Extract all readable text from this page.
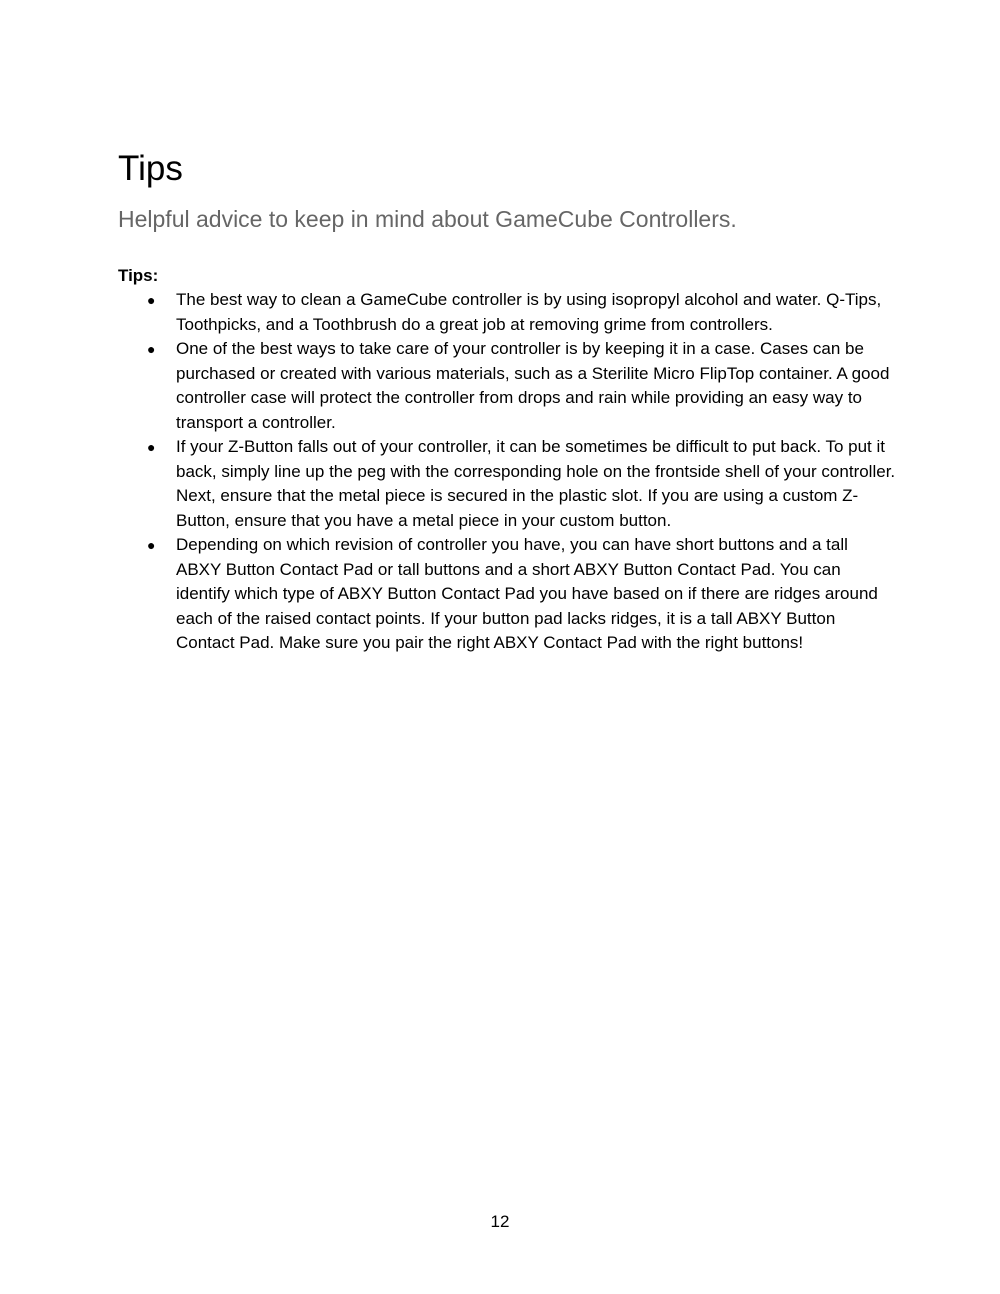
Tips
Helpful advice to keep in mind about GameCube Controllers.

Tips:

● The best way to clean a GameCube controller is by using isopropyl alcohol and water. Q-Tips, Toothpicks, and a Toothbrush do a great job at removing grime from controllers.
● One of the best ways to take care of your controller is by keeping it in a case. Cases can be purchased or created with various materials, such as a Sterilite Micro FlipTop container. A good controller case will protect the controller from drops and rain while providing an easy way to transport a controller.
● If your Z-Button falls out of your controller, it can be sometimes be difficult to put back. To put it back, simply line up the peg with the corresponding hole on the frontside shell of your controller. Next, ensure that the metal piece is secured in the plastic slot. If you are using a custom Z-Button, ensure that you have a metal piece in your custom button.
● Depending on which revision of controller you have, you can have short buttons and a tall ABXY Button Contact Pad or tall buttons and a short ABXY Button Contact Pad. You can identify which type of ABXY Button Contact Pad you have based on if there are ridges around each of the raised contact points. If your button pad lacks ridges, it is a tall ABXY Button Contact Pad. Make sure you pair the right ABXY Contact Pad with the right buttons!
12
